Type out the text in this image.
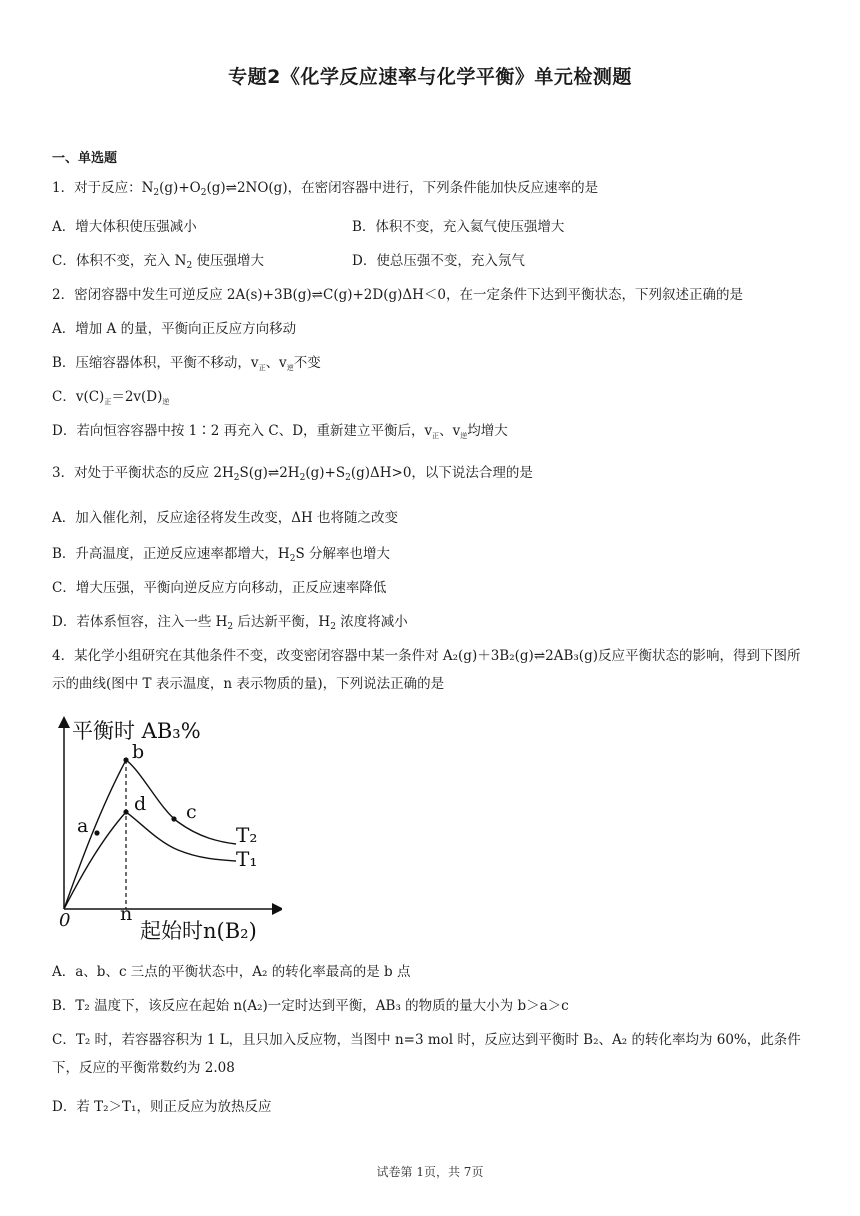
专题2《化学反应速率与化学平衡》单元检测题
一、单选题
1．对于反应：$N_2(g)+O_2(g)\rightleftharpoons 2NO(g)$，在密闭容器中进行，下列条件能加快反应速率的是
A．增大体积使压强减小	B．体积不变，充入氦气使压强增大
C．体积不变，充入 $N_2$ 使压强增大	D．使总压强不变，充入氖气
2．密闭容器中发生可逆反应 2A(s)+3B(g)⇌C(g)+2D(g)ΔH＜0，在一定条件下达到平衡状态，下列叙述正确的是
A．增加 A 的量，平衡向正反应方向移动
B．压缩容器体积，平衡不移动，$v_正$、$v_逆$不变
C．$v(C)_正=2v(D)_逆$
D．若向恒容容器中按 1∶2 再充入 C、D，重新建立平衡后，$v_正$、$v_逆$均增大
3．对处于平衡状态的反应 $2H_2S(g)\rightleftharpoons 2H_2(g)+S_2(g)\Delta H>0$，以下说法合理的是
A．加入催化剂，反应途径将发生改变，ΔH 也将随之改变
B．升高温度，正逆反应速率都增大，$H_2S$ 分解率也增大
C．增大压强，平衡向逆反应方向移动，正反应速率降低
D．若体系恒容，注入一些 $H_2$ 后达新平衡，$H_2$ 浓度将减小
4．某化学小组研究在其他条件不变，改变密闭容器中某一条件对 A₂(g)＋3B₂(g)⇌2AB₃(g)反应平衡状态的影响，得到下图所示的曲线(图中 T 表示温度，n 表示物质的量)，下列说法正确的是
平衡时 AB₃%
a
b
d c
T₂
T₁
0	n
起始时n(B₂)
A．a、b、c 三点的平衡状态中，A₂ 的转化率最高的是 b 点
B．T₂ 温度下，该反应在起始 n(A₂)一定时达到平衡，AB₃ 的物质的量大小为 b＞a＞c
C．T₂ 时，若容器容积为 1 L，且只加入反应物，当图中 n=3 mol 时，反应达到平衡时 B₂、A₂ 的转化率均为 60%，此条件下，反应的平衡常数约为 2.08
D．若 T₂＞T₁，则正反应为放热反应
试卷第 1页，共 7页
